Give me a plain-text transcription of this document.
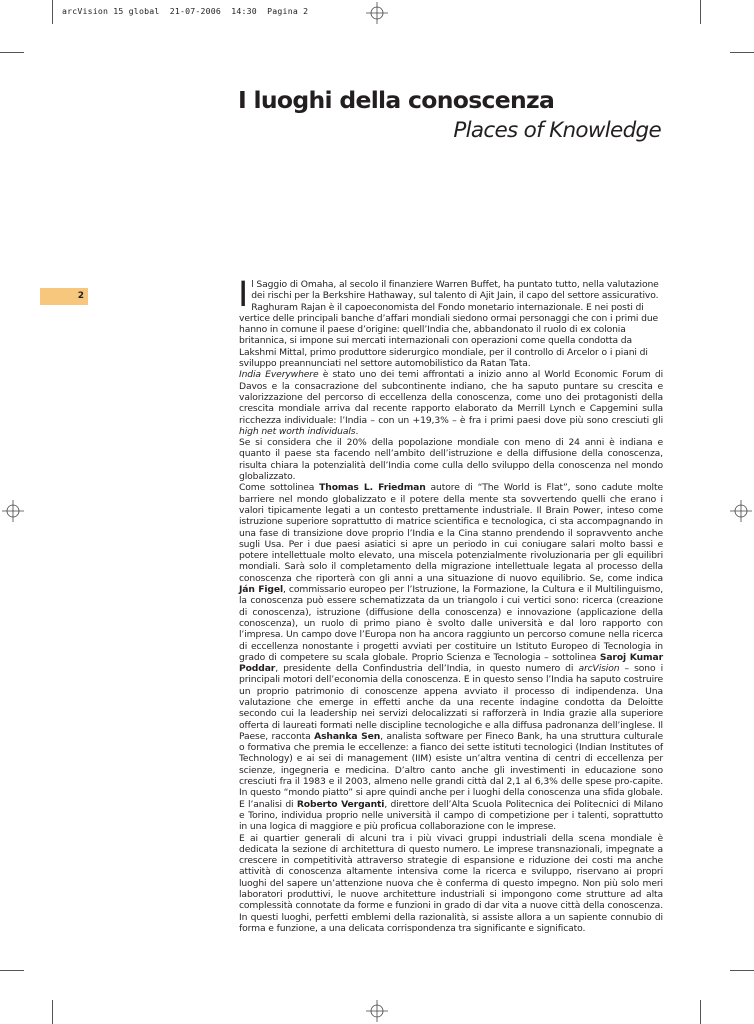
arcVision 15 global  21-07-2006  14:30  Pagina 2
I luoghi della conoscenza
Places of Knowledge
2	Il Saggio di Omaha, al secolo il finanziere Warren Buffet, ha puntato tutto, nella valutazione dei rischi per la Berkshire Hathaway, sul talento di Ajit Jain, il capo del settore assicurativo. Raghuram Rajan è il capoeconomista del Fondo monetario internazionale. E nei posti di vertice delle principali banche d’affari mondiali siedono ormai personaggi che con i primi due hanno in comune il paese d’origine: quell’India che, abbandonato il ruolo di ex colonia britannica, si impone sui mercati internazionali con operazioni come quella condotta da Lakshmi Mittal, primo produttore siderurgico mondiale, per il controllo di Arcelor o i piani di sviluppo preannunciati nel settore automobilistico da Ratan Tata.

India Everywhere è stato uno dei temi affrontati a inizio anno al World Economic Forum di Davos e la consacrazione del subcontinente indiano, che ha saputo puntare su crescita e valorizzazione del percorso di eccellenza della conoscenza, come uno dei protagonisti della crescita mondiale arriva dal recente rapporto elaborato da Merrill Lynch e Capgemini sulla ricchezza individuale: l’India – con un +19,3% – è fra i primi paesi dove più sono cresciuti gli high net worth individuals.

Se si considera che il 20% della popolazione mondiale con meno di 24 anni è indiana e quanto il paese sta facendo nell’ambito dell’istruzione e della diffusione della conoscenza, risulta chiara la potenzialità dell’India come culla dello sviluppo della conoscenza nel mondo globalizzato.

Come sottolinea Thomas L. Friedman autore di “The World is Flat”, sono cadute molte barriere nel mondo globalizzato e il potere della mente sta sovvertendo quelli che erano i valori tipicamente legati a un contesto prettamente industriale. Il Brain Power, inteso come istruzione superiore soprattutto di matrice scientifica e tecnologica, ci sta accompagnando in una fase di transizione dove proprio l’India e la Cina stanno prendendo il sopravvento anche sugli Usa. Per i due paesi asiatici si apre un periodo in cui coniugare salari molto bassi e potere intellettuale molto elevato, una miscela potenzialmente rivoluzionaria per gli equilibri mondiali. Sarà solo il completamento della migrazione intellettuale legata al processo della conoscenza che riporterà con gli anni a una situazione di nuovo equilibrio. Se, come indica Ján Figel, commissario europeo per l’Istruzione, la Formazione, la Cultura e il Multilinguismo, la conoscenza può essere schematizzata da un triangolo i cui vertici sono: ricerca (creazione di conoscenza), istruzione (diffusione della conoscenza) e innovazione (applicazione della conoscenza), un ruolo di primo piano è svolto dalle università e dal loro rapporto con l’impresa. Un campo dove l’Europa non ha ancora raggiunto un percorso comune nella ricerca di eccellenza nonostante i progetti avviati per costituire un Istituto Europeo di Tecnologia in grado di competere su scala globale. Proprio Scienza e Tecnologia – sottolinea Saroj Kumar Poddar, presidente della Confindustria dell’India, in questo numero di arcVision – sono i principali motori dell’economia della conoscenza. E in questo senso l’India ha saputo costruire un proprio patrimonio di conoscenze appena avviato il processo di indipendenza. Una valutazione che emerge in effetti anche da una recente indagine condotta da Deloitte secondo cui la leadership nei servizi delocalizzati si rafforzerà in India grazie alla superiore offerta di laureati formati nelle discipline tecnologiche e alla diffusa padronanza dell’inglese. Il Paese, racconta Ashanka Sen, analista software per Fineco Bank, ha una struttura culturale o formativa che premia le eccellenze: a fianco dei sette istituti tecnologici (Indian Institutes of Technology) e ai sei di management (IIM) esiste un’altra ventina di centri di eccellenza per scienze, ingegneria e medicina. D’altro canto anche gli investimenti in educazione sono cresciuti fra il 1983 e il 2003, almeno nelle grandi città dal 2,1 al 6,3% delle spese pro-capite. In questo “mondo piatto” si apre quindi anche per i luoghi della conoscenza una sfida globale. E l’analisi di Roberto Verganti, direttore dell’Alta Scuola Politecnica dei Politecnici di Milano e Torino, individua proprio nelle università il campo di competizione per i talenti, soprattutto in una logica di maggiore e più proficua collaborazione con le imprese.

E ai quartier generali di alcuni tra i più vivaci gruppi industriali della scena mondiale è dedicata la sezione di architettura di questo numero. Le imprese transnazionali, impegnate a crescere in competitività attraverso strategie di espansione e riduzione dei costi ma anche attività di conoscenza altamente intensiva come la ricerca e sviluppo, riservano ai propri luoghi del sapere un’attenzione nuova che è conferma di questo impegno. Non più solo meri laboratori produttivi, le nuove architetture industriali si impongono come strutture ad alta complessità connotate da forme e funzioni in grado di dar vita a nuove città della conoscenza. In questi luoghi, perfetti emblemi della razionalità, si assiste allora a un sapiente connubio di forma e funzione, a una delicata corrispondenza tra significante e significato.
